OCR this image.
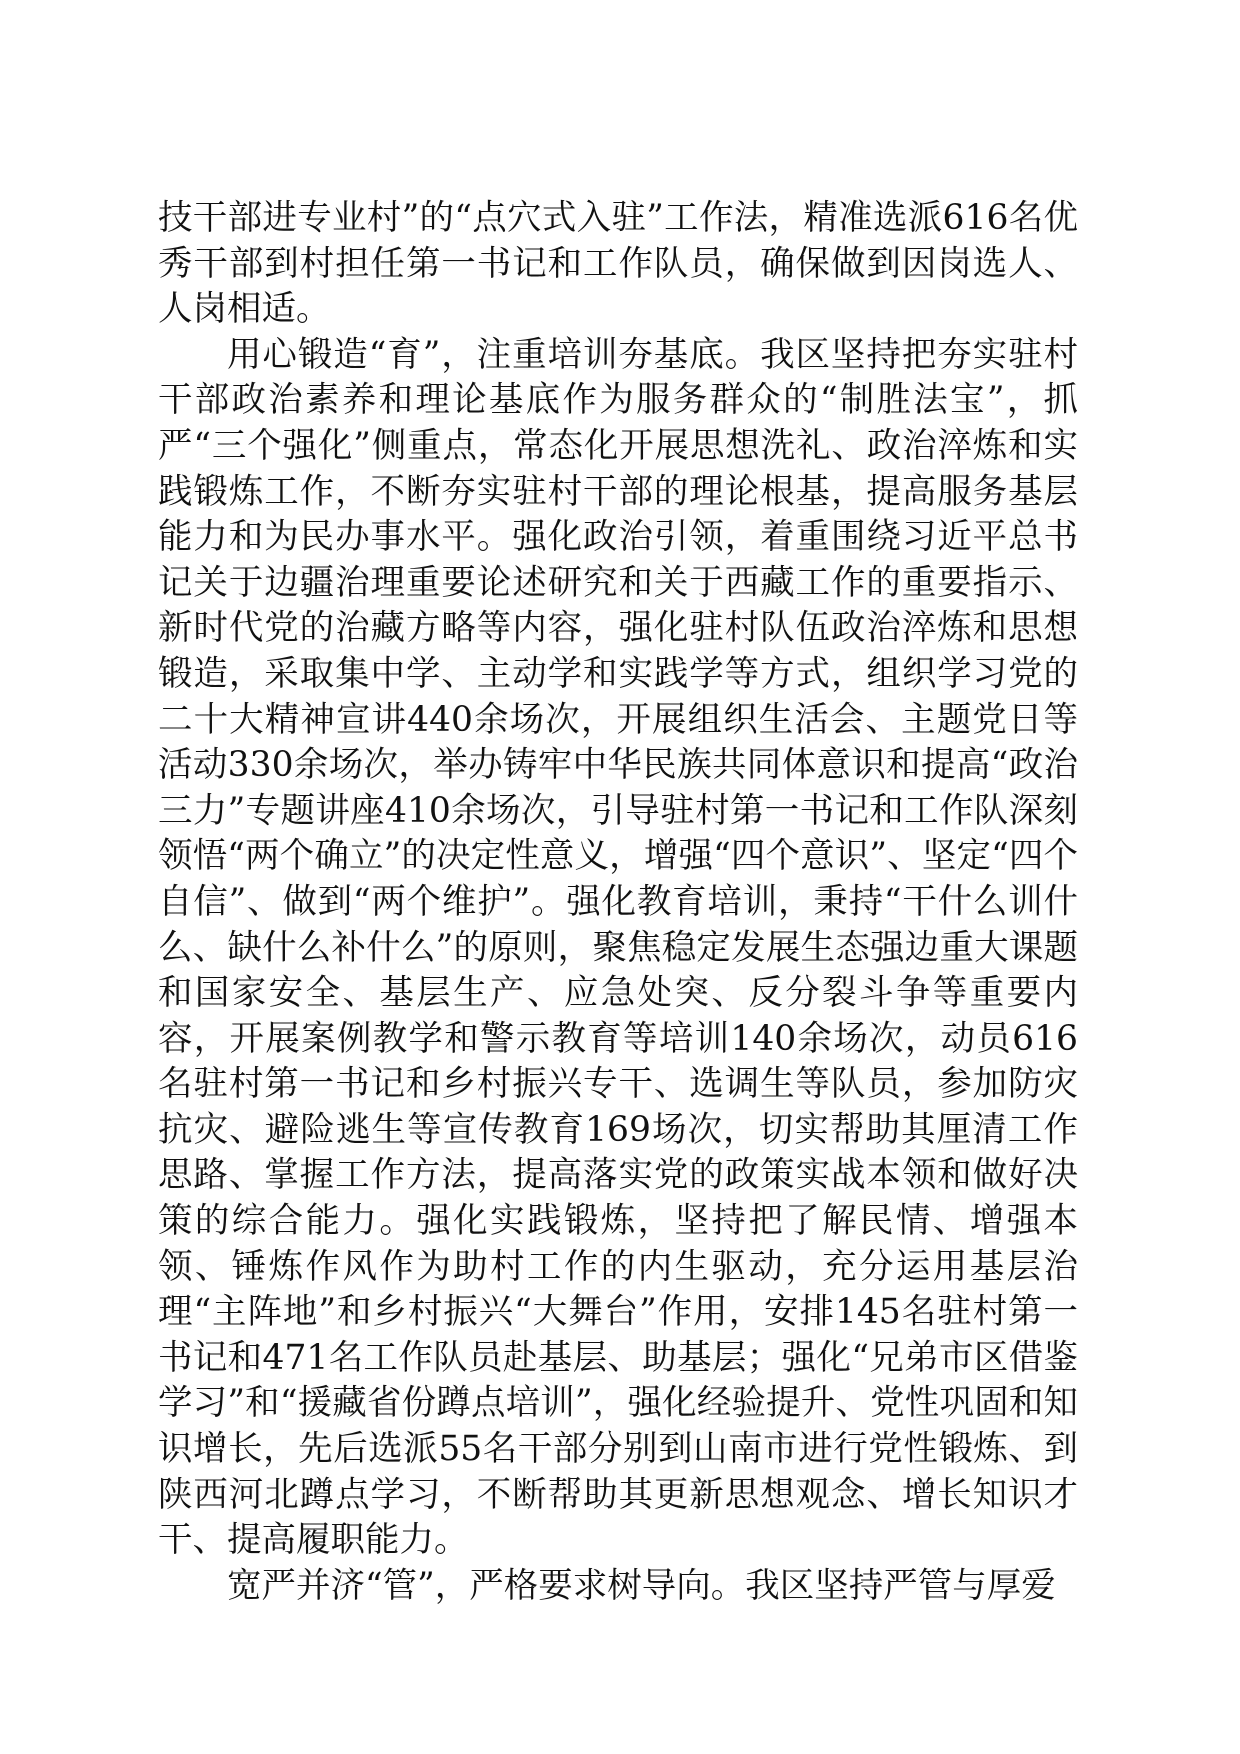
技干部进专业村”的“点穴式入驻”工作法，精准选派616名优秀干部到村担任第一书记和工作队员，确保做到因岗选人、人岗相适。

用心锻造“育”，注重培训夯基底。我区坚持把夯实驻村干部政治素养和理论基底作为服务群众的“制胜法宝”，抓严“三个强化”侧重点，常态化开展思想洗礼、政治淬炼和实践锻炼工作，不断夯实驻村干部的理论根基，提高服务基层能力和为民办事水平。强化政治引领，着重围绕习近平总书记关于边疆治理重要论述研究和关于西藏工作的重要指示、新时代党的治藏方略等内容，强化驻村队伍政治淬炼和思想锻造，采取集中学、主动学和实践学等方式，组织学习党的二十大精神宣讲440余场次，开展组织生活会、主题党日等活动330余场次，举办铸牢中华民族共同体意识和提高“政治三力”专题讲座410余场次，引导驻村第一书记和工作队深刻领悟“两个确立”的决定性意义，增强“四个意识”、坚定“四个自信”、做到“两个维护”。强化教育培训，秉持“干什么训什么、缺什么补什么”的原则，聚焦稳定发展生态强边重大课题和国家安全、基层生产、应急处突、反分裂斗争等重要内容，开展案例教学和警示教育等培训140余场次，动员616名驻村第一书记和乡村振兴专干、选调生等队员，参加防灾抗灾、避险逃生等宣传教育169场次，切实帮助其厘清工作思路、掌握工作方法，提高落实党的政策实战本领和做好决策的综合能力。强化实践锻炼，坚持把了解民情、增强本领、锤炼作风作为助村工作的内生驱动，充分运用基层治理“主阵地”和乡村振兴“大舞台”作用，安排145名驻村第一书记和471名工作队员赴基层、助基层；强化“兄弟市区借鉴学习”和“援藏省份蹲点培训”，强化经验提升、党性巩固和知识增长，先后选派55名干部分别到山南市进行党性锻炼、到陕西河北蹲点学习，不断帮助其更新思想观念、增长知识才干、提高履职能力。

宽严并济“管”，严格要求树导向。我区坚持严管与厚爱
